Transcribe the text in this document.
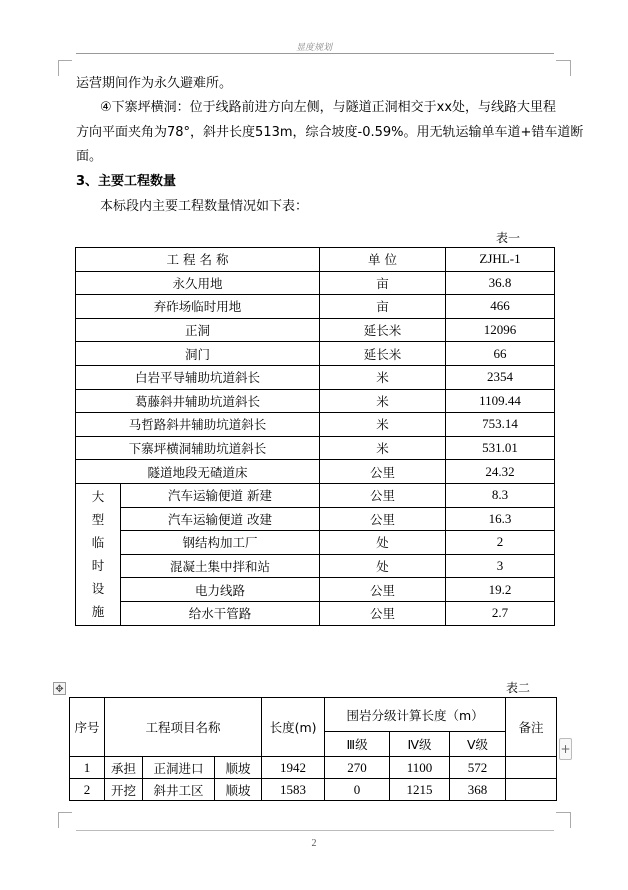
显度规划
运营期间作为永久避难所。
④下寨坪横洞：位于线路前进方向左侧，与隧道正洞相交于xx处，与线路大里程
方向平面夹角为78°，斜井长度513m，综合坡度-0.59%。用无轨运输单车道+错车道断
面。
3、主要工程数量
本标段内主要工程数量情况如下表：
表一
工 程 名 称		单 位	ZJHL-1
永久用地		亩	36.8
弃砟场临时用地		亩	466
正洞		延长米	12096
洞门		延长米	66
白岩平导辅助坑道斜长		米	2354
葛藤斜井辅助坑道斜长		米	1109.44
马哲路斜井辅助坑道斜长		米	753.14
下寨坪横洞辅助坑道斜长		米	531.01
隧道地段无碴道床		公里	24.32
大型临时设施	汽车运输便道 新建	公里	8.3
	汽车运输便道 改建	公里	16.3
	钢结构加工厂	处	2
	混凝土集中拌和站	处	3
	电力线路	公里	19.2
	给水干管路	公里	2.7
表二
✥
序号	工程项目名称			长度(m)	围岩分级计算长度（m）			备注
					Ⅲ级	Ⅳ级	Ⅴ级	
1	承担	正洞进口	顺坡	1942	270	1100	572	
2	开挖	斜井工区	顺坡	1583	0	1215	368	
+
2
